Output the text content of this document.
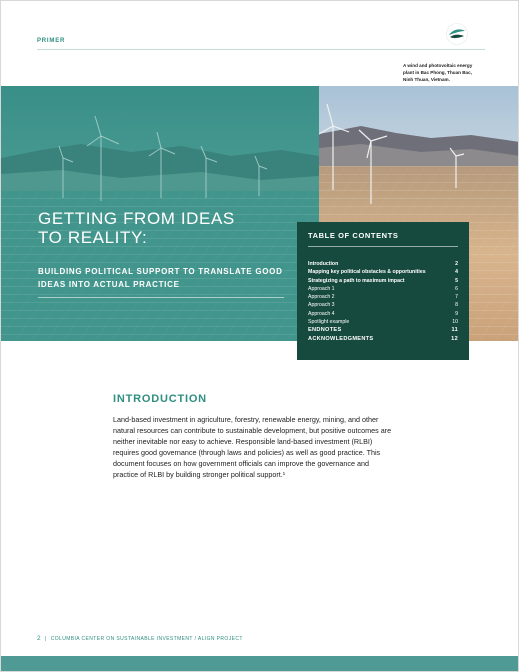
PRIMER
A wind and photovoltaic energy plant in Bac Phong, Thuan Bac, Ninh Thuan, Vietnam.
GETTING FROM IDEAS
TO REALITY:
BUILDING POLITICAL SUPPORT TO TRANSLATE GOOD IDEAS INTO ACTUAL PRACTICE
TABLE OF CONTENTS
Introduction	2
Mapping key political obstacles & opportunities	4
Strategizing a path to maximum impact	5
Approach 1	6
Approach 2	7
Approach 3	8
Approach 4	9
Spotlight example	10
ENDNOTES	11
ACKNOWLEDGMENTS	12
INTRODUCTION
Land-based investment in agriculture, forestry, renewable energy, mining, and other natural resources can contribute to sustainable development, but positive outcomes are neither inevitable nor easy to achieve. Responsible land-based investment (RLBI) requires good governance (through laws and policies) as well as good practice. This document focuses on how government officials can improve the governance and practice of RLBI by building stronger political support.¹
2 | COLUMBIA CENTER ON SUSTAINABLE INVESTMENT / ALIGN PROJECT
